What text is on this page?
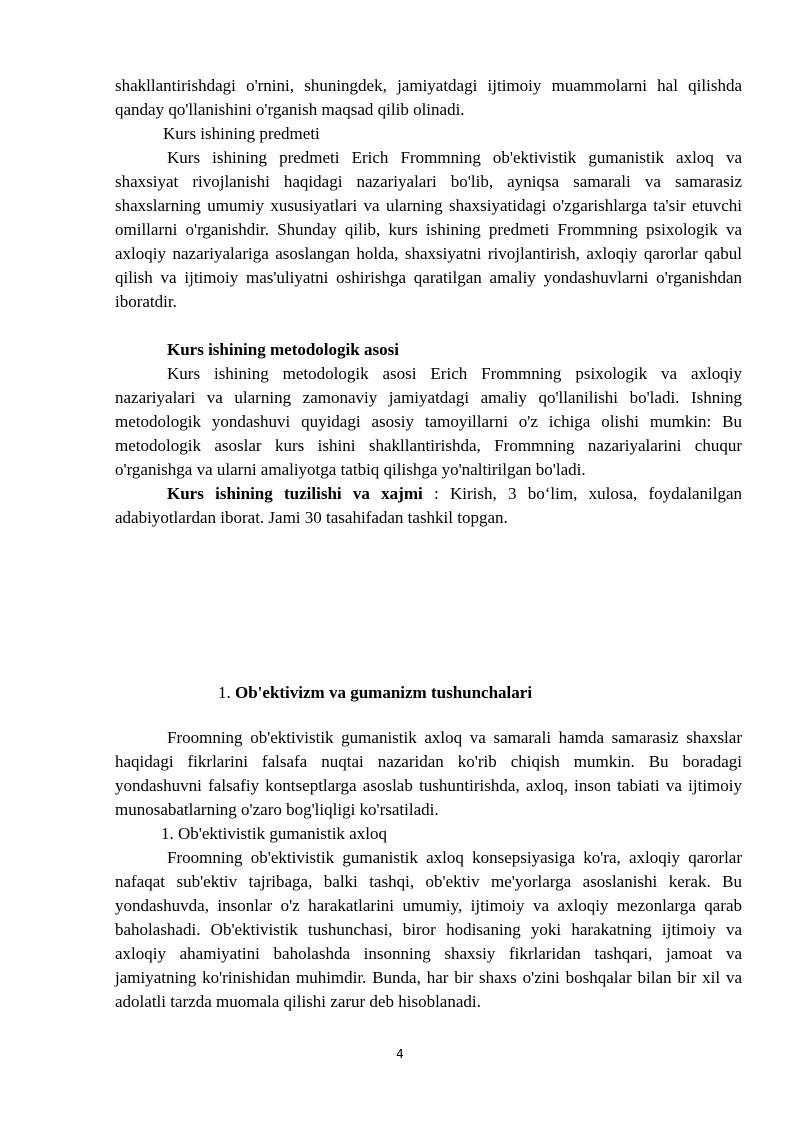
shakllantirishdagi o'rnini, shuningdek, jamiyatdagi ijtimoiy muammolarni hal qilishda qanday qo'llanishini o'rganish maqsad qilib olinadi.

Kurs ishining predmeti

Kurs ishining predmeti Erich Frommning ob'ektivistik gumanistik axloq va shaxsiyat rivojlanishi haqidagi nazariyalari bo'lib, ayniqsa samarali va samarasiz shaxslarning umumiy xususiyatlari va ularning shaxsiyatidagi o'zgarishlarga ta'sir etuvchi omillarni o'rganishdir. Shunday qilib, kurs ishining predmeti Frommning psixologik va axloqiy nazariyalariga asoslangan holda, shaxsiyatni rivojlantirish, axloqiy qarorlar qabul qilish va ijtimoiy mas'uliyatni oshirishga qaratilgan amaliy yondashuvlarni o'rganishdan iboratdir.

Kurs ishining metodologik asosi

Kurs ishining metodologik asosi Erich Frommning psixologik va axloqiy nazariyalari va ularning zamonaviy jamiyatdagi amaliy qo'llanilishi bo'ladi. Ishning metodologik yondashuvi quyidagi asosiy tamoyillarni o'z ichiga olishi mumkin: Bu metodologik asoslar kurs ishini shakllantirishda, Frommning nazariyalarini chuqur o'rganishga va ularni amaliyotga tatbiq qilishga yo'naltirilgan bo'ladi.

Kurs ishining tuzilishi va xajmi : Kirish, 3 bo‘lim, xulosa, foydalanilgan adabiyotlardan iborat. Jami 30 tasahifadan tashkil topgan.

1. Ob'ektivizm va gumanizm tushunchalari

Froomning ob'ektivistik gumanistik axloq va samarali hamda samarasiz shaxslar haqidagi fikrlarini falsafa nuqtai nazaridan ko'rib chiqish mumkin. Bu boradagi yondashuvni falsafiy kontseptlarga asoslab tushuntirishda, axloq, inson tabiati va ijtimoiy munosabatlarning o'zaro bog'liqligi ko'rsatiladi.

1. Ob'ektivistik gumanistik axloq

Froomning ob'ektivistik gumanistik axloq konsepsiyasiga ko'ra, axloqiy qarorlar nafaqat sub'ektiv tajribaga, balki tashqi, ob'ektiv me'yorlarga asoslanishi kerak. Bu yondashuvda, insonlar o'z harakatlarini umumiy, ijtimoiy va axloqiy mezonlarga qarab baholashadi. Ob'ektivistik tushunchasi, biror hodisaning yoki harakatning ijtimoiy va axloqiy ahamiyatini baholashda insonning shaxsiy fikrlaridan tashqari, jamoat va jamiyatning ko'rinishidan muhimdir. Bunda, har bir shaxs o'zini boshqalar bilan bir xil va adolatli tarzda muomala qilishi zarur deb hisoblanadi.

4
